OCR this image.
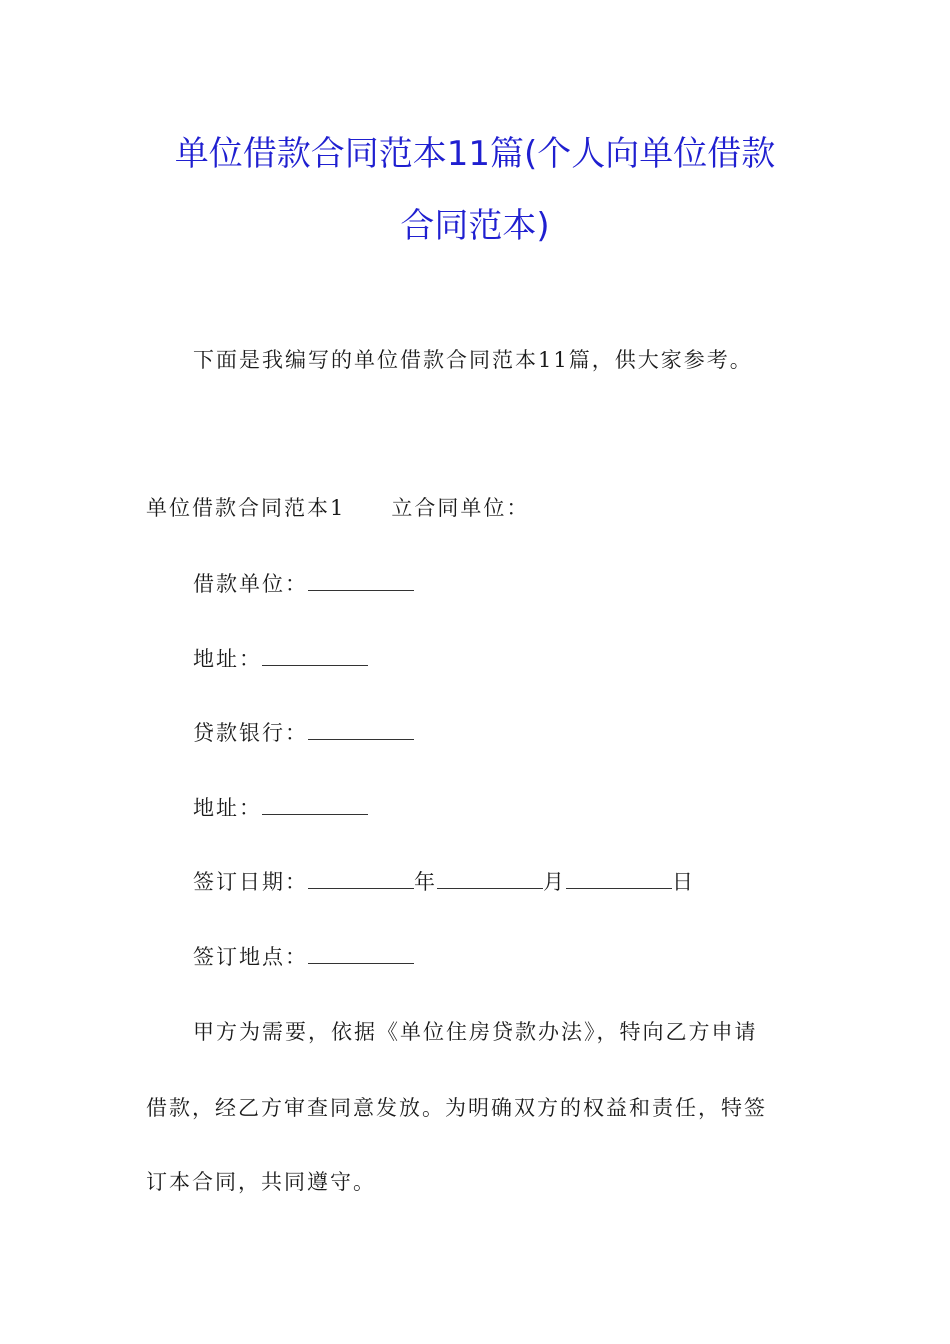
单位借款合同范本11篇(个人向单位借款
合同范本)
下面是我编写的单位借款合同范本11篇，供大家参考。
单位借款合同范本1 立合同单位：
借款单位：
地址：
贷款银行：
地址：
签订日期：	年	月	日
签订地点：
甲方为需要，依据《单位住房贷款办法》，特向乙方申请
借款，经乙方审查同意发放。为明确双方的权益和责任，特签
订本合同，共同遵守。
